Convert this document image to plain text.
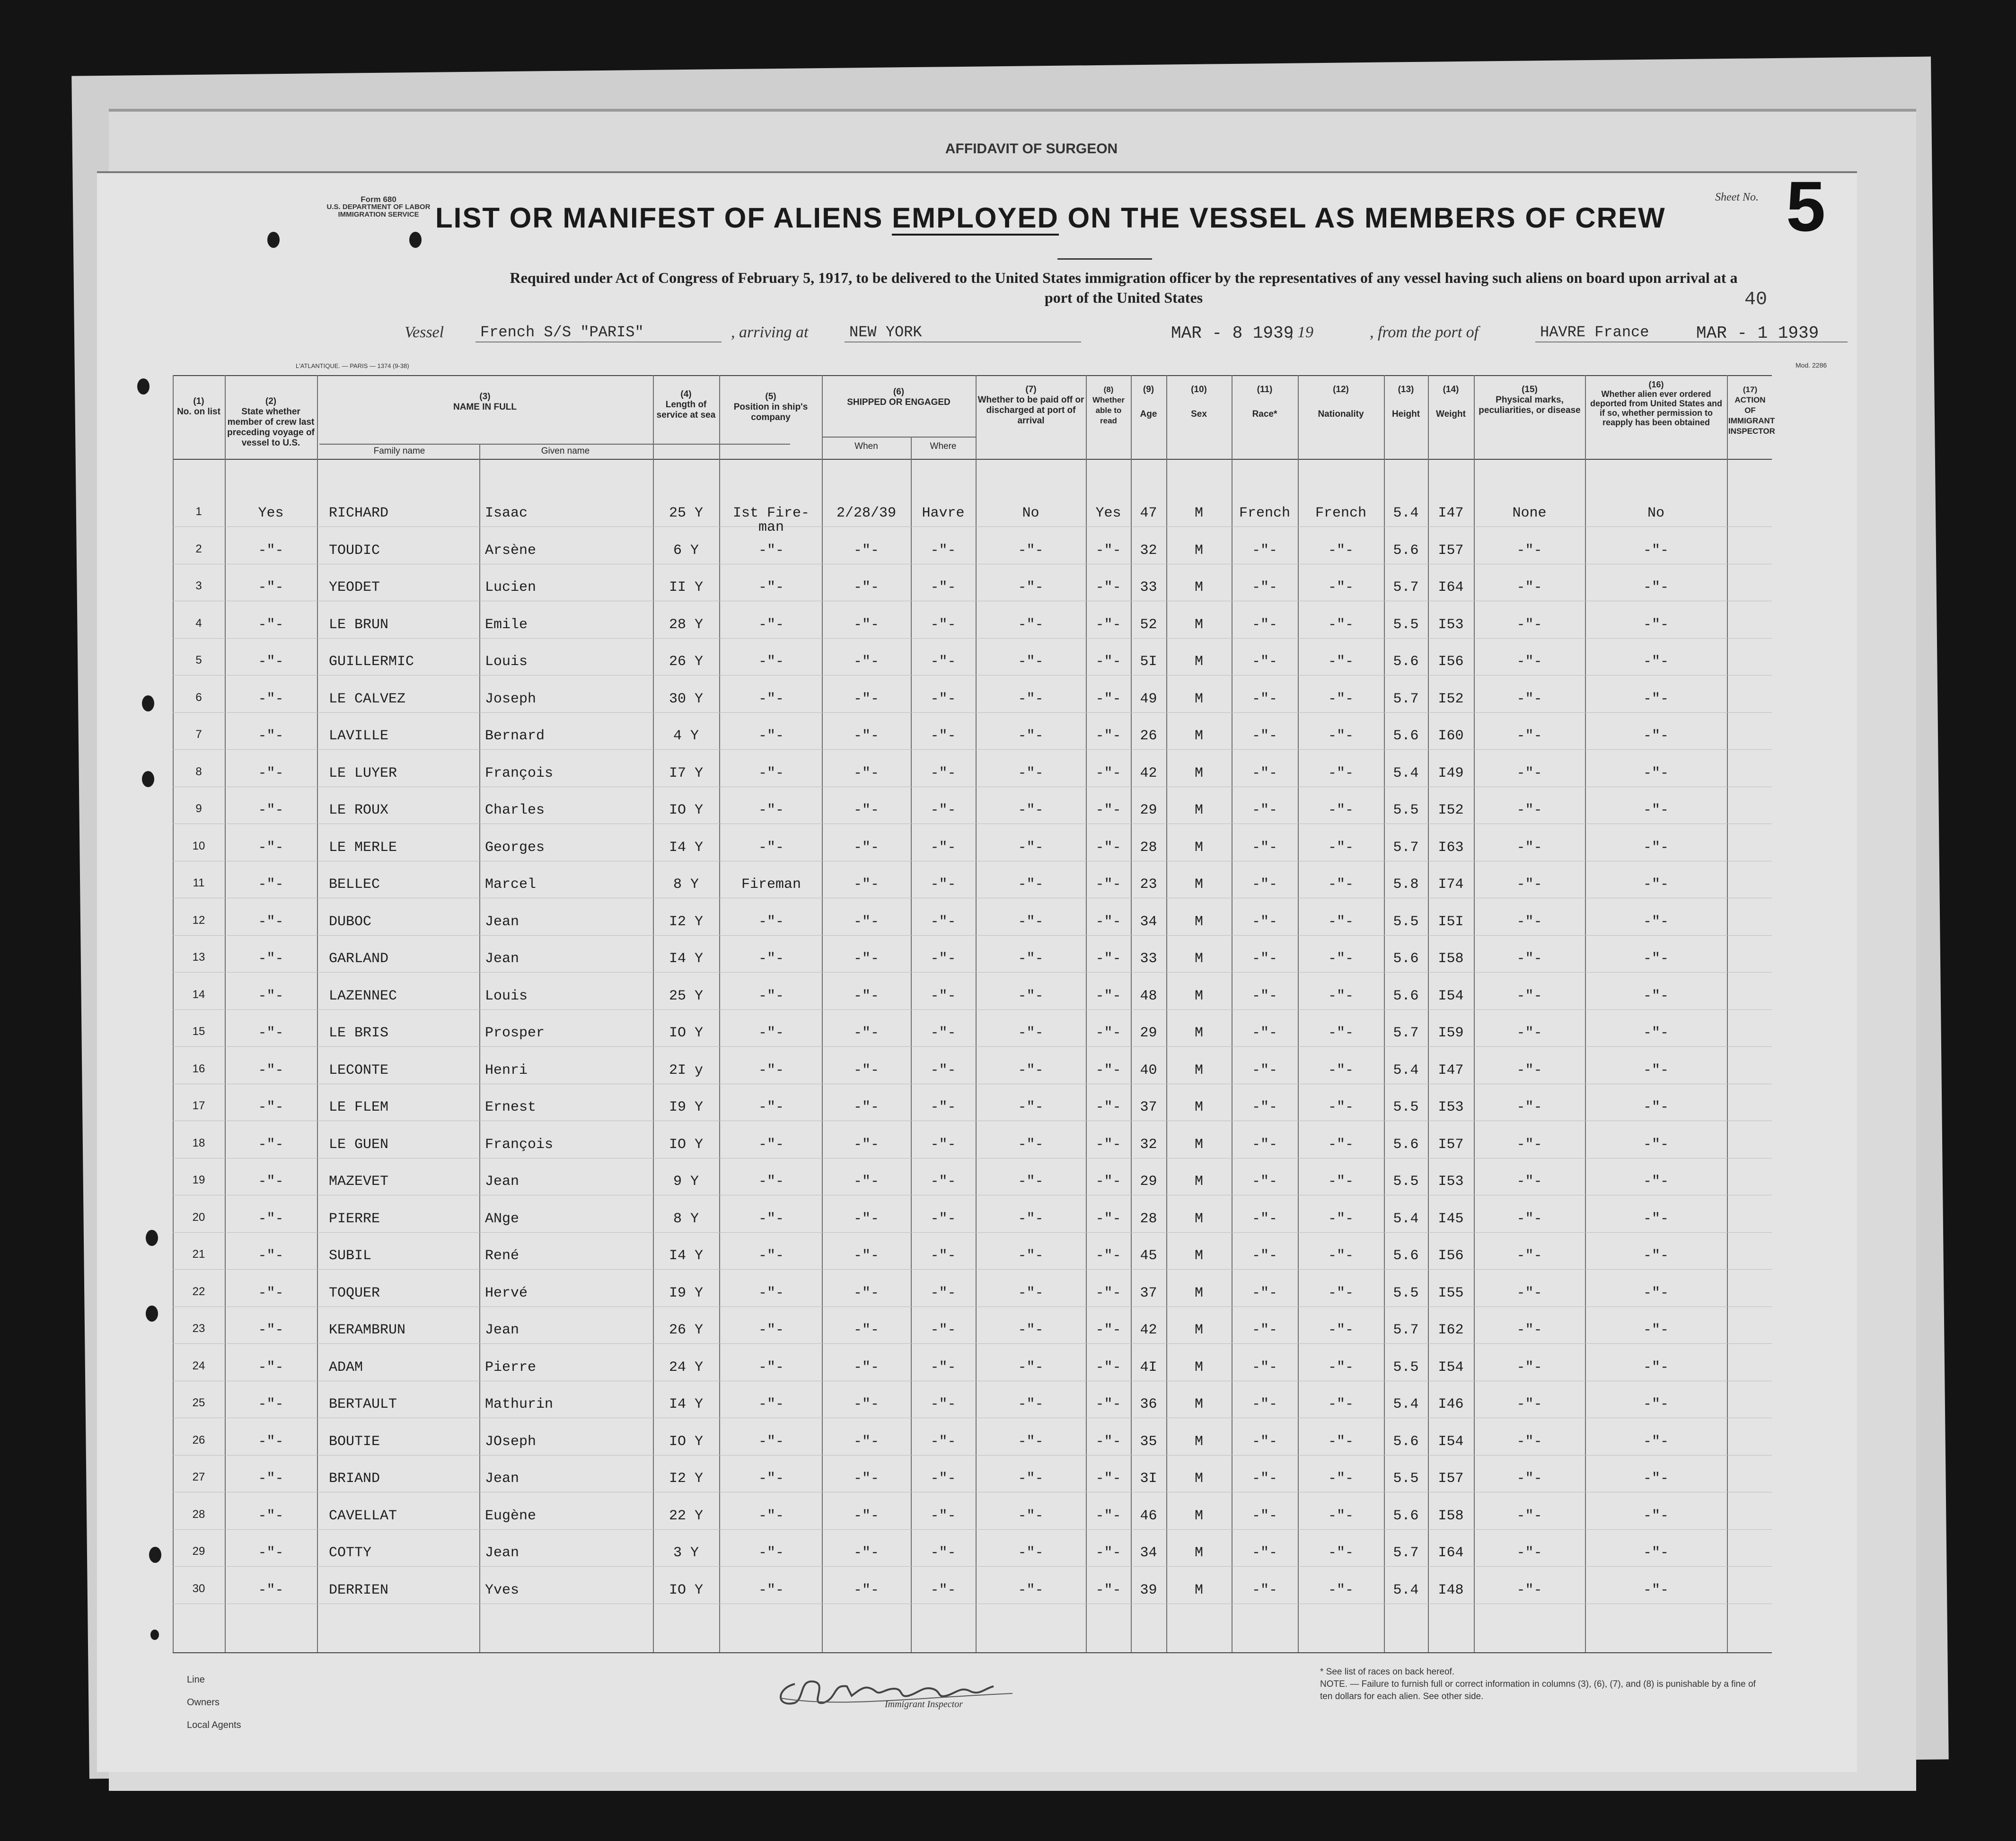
AFFIDAVIT OF SURGEON
Form 680
U.S. DEPARTMENT OF LABOR
IMMIGRATION SERVICE LIST OR MANIFEST OF ALIENS EMPLOYED ON THE VESSEL AS MEMBERS OF CREW
Sheet No. 5
Required under Act of Congress of February 5, 1917, to be delivered to the United States immigration officer by the representatives of any vessel having such aliens on board upon arrival at a
port of the United States	40
Vessel French S/S "PARIS"	, arriving at	NEW YORK	MAR - 8 1939
, 19	, from the port of	HAVRE France	MAR - 1 1939
L'ATLANTIQUE. — PARIS — 1374 (9-38)	Mod. 2286
(1)
No. on list
(2)
State whether member of crew last preceding voyage of vessel to U.S.
(3)
NAME IN FULL
Family name	Given name
(4)
Length of service at sea
(5)
Position in ship's company
(6)
SHIPPED OR ENGAGED
When	Where
(7)
Whether to be paid off or discharged at port of arrival
(8)
Whether able to read
(9)
Age
(10)
Sex
(11)
Race*
(12)
Nationality
(13)
Height
(14)
Weight
(15)
Physical marks, peculiarities, or disease
(16)
Whether alien ever ordered deported from United States and if so, whether permission to reapply has been obtained
(17)
ACTION OF IMMIGRANT INSPECTOR
1	Yes	RICHARD	Isaac	25 Y	Ist Fire-	2/28/39	Havre	No	Yes	47	M	French	French	5.4	I47	None	No
man
2	-"-	TOUDIC	Arsène	6 Y	-"-	-"-	-"-	-"-	-"-	32	M	-"-	-"-	5.6	I57	-"-	-"-
3	-"-	YEODET	Lucien	II Y	-"-	-"-	-"-	-"-	-"-	33	M	-"-	-"-	5.7	I64	-"-	-"-
4	-"-	LE BRUN	Emile	28 Y	-"-	-"-	-"-	-"-	-"-	52	M	-"-	-"-	5.5	I53	-"-	-"-
5	-"-	GUILLERMIC	Louis	26 Y	-"-	-"-	-"-	-"-	-"-	5I	M	-"-	-"-	5.6	I56	-"-	-"-
6	-"-	LE CALVEZ	Joseph	30 Y	-"-	-"-	-"-	-"-	-"-	49	M	-"-	-"-	5.7	I52	-"-	-"-
7	-"-	LAVILLE	Bernard	4 Y	-"-	-"-	-"-	-"-	-"-	26	M	-"-	-"-	5.6	I60	-"-	-"-
8	-"-	LE LUYER	François	I7 Y	-"-	-"-	-"-	-"-	-"-	42	M	-"-	-"-	5.4	I49	-"-	-"-
9	-"-	LE ROUX	Charles	IO Y	-"-	-"-	-"-	-"-	-"-	29	M	-"-	-"-	5.5	I52	-"-	-"-
10	-"-	LE MERLE	Georges	I4 Y	-"-	-"-	-"-	-"-	-"-	28	M	-"-	-"-	5.7	I63	-"-	-"-
11	-"-	BELLEC	Marcel	8 Y	Fireman	-"-	-"-	-"-	-"-	23	M	-"-	-"-	5.8	I74	-"-	-"-
12	-"-	DUBOC	Jean	I2 Y	-"-	-"-	-"-	-"-	-"-	34	M	-"-	-"-	5.5	I5I	-"-	-"-
13	-"-	GARLAND	Jean	I4 Y	-"-	-"-	-"-	-"-	-"-	33	M	-"-	-"-	5.6	I58	-"-	-"-
14	-"-	LAZENNEC	Louis	25 Y	-"-	-"-	-"-	-"-	-"-	48	M	-"-	-"-	5.6	I54	-"-	-"-
15	-"-	LE BRIS	Prosper	IO Y	-"-	-"-	-"-	-"-	-"-	29	M	-"-	-"-	5.7	I59	-"-	-"-
16	-"-	LECONTE	Henri	2I y	-"-	-"-	-"-	-"-	-"-	40	M	-"-	-"-	5.4	I47	-"-	-"-
17	-"-	LE FLEM	Ernest	I9 Y	-"-	-"-	-"-	-"-	-"-	37	M	-"-	-"-	5.5	I53	-"-	-"-
18	-"-	LE GUEN	François	IO Y	-"-	-"-	-"-	-"-	-"-	32	M	-"-	-"-	5.6	I57	-"-	-"-
19	-"-	MAZEVET	Jean	9 Y	-"-	-"-	-"-	-"-	-"-	29	M	-"-	-"-	5.5	I53	-"-	-"-
20	-"-	PIERRE	ANge	8 Y	-"-	-"-	-"-	-"-	-"-	28	M	-"-	-"-	5.4	I45	-"-	-"-
21	-"-	SUBIL	René	I4 Y	-"-	-"-	-"-	-"-	-"-	45	M	-"-	-"-	5.6	I56	-"-	-"-
22	-"-	TOQUER	Hervé	I9 Y	-"-	-"-	-"-	-"-	-"-	37	M	-"-	-"-	5.5	I55	-"-	-"-
23	-"-	KERAMBRUN	Jean	26 Y	-"-	-"-	-"-	-"-	-"-	42	M	-"-	-"-	5.7	I62	-"-	-"-
24	-"-	ADAM	Pierre	24 Y	-"-	-"-	-"-	-"-	-"-	4I	M	-"-	-"-	5.5	I54	-"-	-"-
25	-"-	BERTAULT	Mathurin	I4 Y	-"-	-"-	-"-	-"-	-"-	36	M	-"-	-"-	5.4	I46	-"-	-"-
26	-"-	BOUTIE	JOseph	IO Y	-"-	-"-	-"-	-"-	-"-	35	M	-"-	-"-	5.6	I54	-"-	-"-
27	-"-	BRIAND	Jean	I2 Y	-"-	-"-	-"-	-"-	-"-	3I	M	-"-	-"-	5.5	I57	-"-	-"-
28	-"-	CAVELLAT	Eugène	22 Y	-"-	-"-	-"-	-"-	-"-	46	M	-"-	-"-	5.6	I58	-"-	-"-
29	-"-	COTTY	Jean	3 Y	-"-	-"-	-"-	-"-	-"-	34	M	-"-	-"-	5.7	I64	-"-	-"-
30	-"-	DERRIEN	Yves	IO Y	-"-	-"-	-"-	-"-	-"-	39	M	-"-	-"-	5.4	I48	-"-	-"-
Line
Owners
Local Agents
Immigrant Inspector
* See list of races on back hereof.
NOTE. — Failure to furnish full or correct information in columns (3), (6), (7), and (8) is punishable by a fine of ten dollars for each alien. See other side.
